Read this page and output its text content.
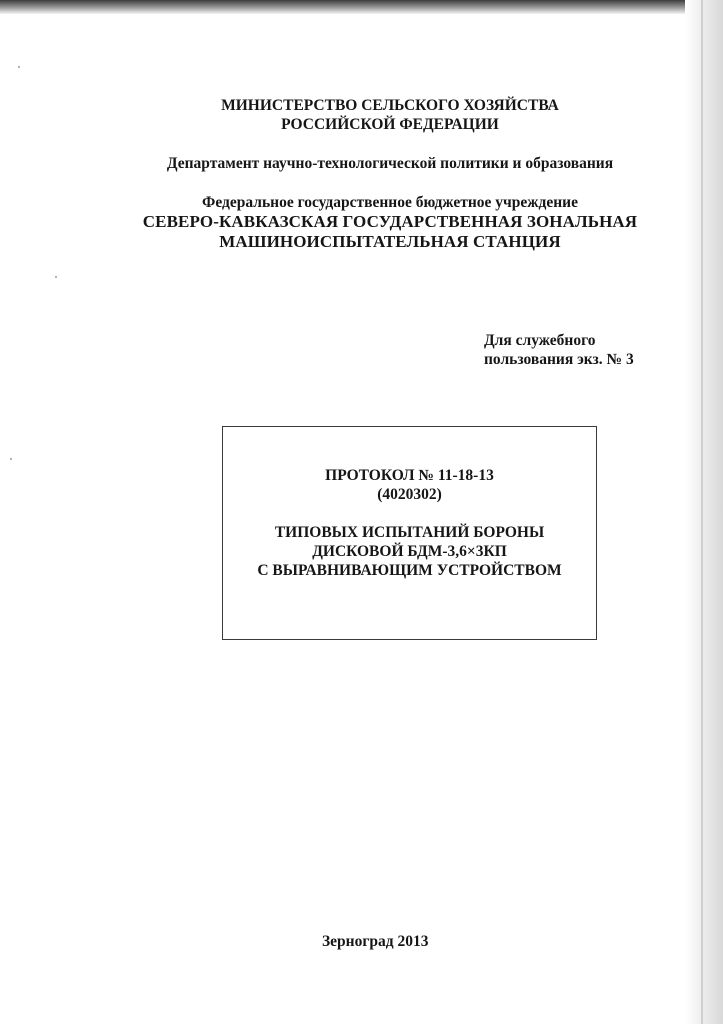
МИНИСТЕРСТВО СЕЛЬСКОГО ХОЗЯЙСТВА
РОССИЙСКОЙ ФЕДЕРАЦИИ
Департамент научно-технологической политики и образования
Федеральное государственное бюджетное учреждение
СЕВЕРО-КАВКАЗСКАЯ ГОСУДАРСТВЕННАЯ ЗОНАЛЬНАЯ
МАШИНОИСПЫТАТЕЛЬНАЯ СТАНЦИЯ
Для служебного
пользования экз. № 3
ПРОТОКОЛ № 11-18-13
(4020302)
ТИПОВЫХ ИСПЫТАНИЙ БОРОНЫ
ДИСКОВОЙ БДМ-3,6×3КП
С ВЫРАВНИВАЮЩИМ УСТРОЙСТВОМ
Зерноград 2013
